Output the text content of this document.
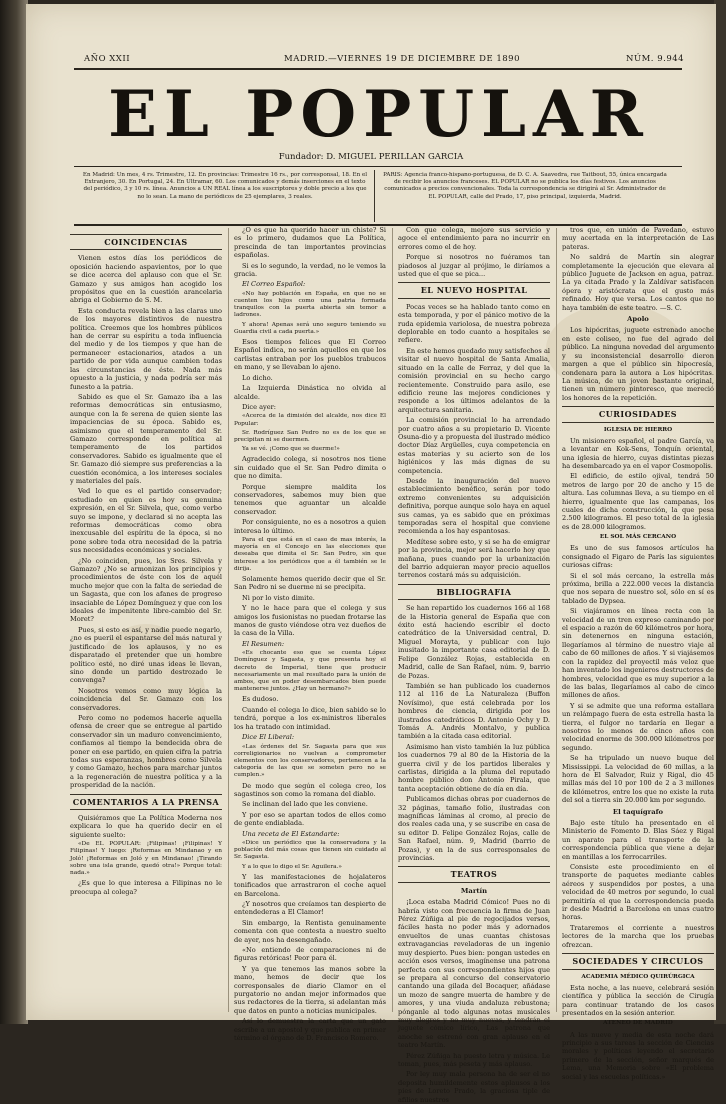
AÑO XXII	MADRID.—VIERNES 19 DE DICIEMBRE DE 1890	NÚM. 9.944
EL POPULAR
Fundador: D. MIGUEL PERILLAN GARCIA
En Madrid: Un mes, 4 rs. Trimestre, 12. En provincias: Trimestre 16 rs., por corresponsal, 18. En el Extranjero, 30. En Portugal, 24. En Ultramar, 60. Los comunicados y demás inserciones en el texto del periódico, 3 y 10 rs. línea. Anuncios a UN REAL línea a los suscriptores y doble precio a los que no lo sean. La mano de periódicos de 25 ejemplares, 3 reales.
PARIS: Agencia franco-hispano-portuguesa, de D. C. A. Saavedra, rue Taitbout, 55, única encargada de recibir los anuncios franceses. EL POPULAR no se publica los días festivos. Los anuncios comunicados a precios convencionales. Toda la correspondencia se dirigirá al Sr. Administrador de EL POPULAR, calle del Prado, 17, piso principal, izquierda, Madrid.
COINCIDENCIAS

Vienen estos días los periódicos de oposición haciendo aspavientos, por lo que se dice acerca del aplauso con que el Sr. Gamazo y sus amigos han acogido los propósitos que en la cuestión arancelaria abriga el Gobierno de S. M.

Esta conducta revela bien a las claras uno de los mayores distintivos de nuestra política. Creemos que los hombres públicos han de cerrar su espíritu a toda influencia del medio y de los tiempos y que han de permanecer estacionarios, atados a un partido de por vida aunque cambien todas las circunstancias de éste. Nada más opuesto a la justicia, y nada podría ser más funesto a la patria.

Sabido es que el Sr. Gamazo iba a las reformas democráticas sin entusiasmo, aunque con la fe serena de quien siente las impaciencias de su época. Sabido es, asimismo que el temperamento del Sr. Gamazo corresponde en política al temperamento de los partidos conservadores. Sabido es igualmente que el Sr. Gamazo dió siempre sus preferencias a la cuestión económica, a los intereses sociales y materiales del país.

Ved lo que es el partido conservador; estudiado en quien es hoy su genuina expresión, en el Sr. Silvela, que, como verbo suyo se impone, y declarad si no acepta las reformas democráticas como obra inexcusable del espíritu de la época, si no pone sobre toda otra necesidad de la patria sus necesidades económicas y sociales.

¿No coinciden, pues, los Sres. Silvela y Gamazo? ¿No se armonizan los principios y procedimientos de éste con los de aquél mucho mejor que con la falta de seriedad de un Sagasta, que con los afanes de progreso insaciable de López Domínguez y que con los ideales de impenitente libre-cambio del Sr. Moret?

Pues, si esto es así, y nadie puede negarlo, ¿no es pueril el espantarse del más natural y justificado de los aplausos, y no es disparatado el pretender que un hombre político esté, no diré unas ideas le llevan, sino donde un partido destrozado le convenga?

Nosotros vemos como muy lógica la coincidencia del Sr. Gamazo con los conservadores.

Pero como no podemos hacerle aquella ofensa de creer que se entregue al partido conservador sin un maduro convencimiento, confiamos al tiempo la bendecida obra de poner en ese partido, en quien cifra la patria todas sus esperanzas, hombres como Silvela y como Gamazo, hechos para marchar juntos a la regeneración de nuestra política y a la prosperidad de la nación.

COMENTARIOS A LA PRENSA

Quisiéramos que La Política Moderna nos explicara lo que ha querido decir en el siguiente suelto:

«De EL POPULAR: ¡Filipinas! ¡Filipinas! Y Filipinas! Y luego: ¡Reformas en Mindanao y en Joló! ¡Reformas en Joló y en Mindanao! ¡Tirando sobre una isla grande, quedó otra!» Porque total: nada.»

¿Es que lo que interesa a Filipinas no le preocupa al colega?

¿O es que ha querido hacer un chiste? Si es lo primero, dudamos que La Política, prescinda de tan importantes provincias españolas.

Si es lo segundo, la verdad, no le vemos la gracia.

El Correo Español:

«No hay población en España, en que no se cuenten los hijos como una patria formada tranquilos con la puerta abierta sin temor a ladrones.

Y ahora! Apenas será uno seguro teniendo su Guardia civil a cada puerta.»

Esos tiempos felices que El Correo Español indica, no serán aquellos en que los carlistas entraban por los pueblos trabucos en mano, y se llevaban lo ajeno.

Lo dicho.

La Izquierda Dinástica no olvida al alcalde.

Dice ayer:

«Acerca de la dimisión del alcalde, nos dice El Popular:

Sr. Rodríguez San Pedro no es de los que se precipitan ni se duermen.

Ya se vé. ¡Como que se duerme!»

Agradecido colega, si nosotros nos tiene sin cuidado que el Sr. San Pedro dimita o que no dimita.

Porque siempre maldita los conservadores, sabemos muy bien que tenemos que aguantar un alcalde conservador.

Por consiguiente, no es a nosotros a quien interesa lo último.

Para el que está en el caso de mas interés, la mayoría en el Concejo en las elecciones que deseaba que dimita el Sr. San Pedro, sin que interese a los periódicos que a él también se le dirija.

Solamente hemos querido decir que el Sr. San Pedro ni se duerme ni se precipita.

Ni por lo visto dimite.

Y no le hace para que el colega y sus amigos los fusionistas no puedan frotarse las manos de gusto viéndose otra vez dueños de la casa de la Villa.

El Resumen:

«Es chocante eso que se cuenta López Domínguez y Sagasta, y que presenta hoy el decreto de Imperial, tiene que producir necesariamente un mal resultado para la unión de ambos, que en poder desembarcados bien puede mantenerse juntos. ¿Hay un hermano?»

Es dudoso.

Cuando el colega lo dice, bien sabido se lo tendrá, porque a los ex-ministros liberales los ha tratado con intimidad.

Dice El Liberal:

«Las órdenes del Sr. Sagasta para que sus correligionarios no vuelvan a comprometer elementos con los conservadores, pertenecen a la categoría de las que se someten pero no se cumplen.»

De modo que según el colega creo, los sagastinos son como la romana del diablo.

Se inclinan del lado que les conviene.

Y por eso se apartan todos de ellos como de gente endiablada.

Una receta de El Estandarte:

«Dice un periódico que la conservadora y la población del más cosas que tienen sin cuidado al Sr. Sagasta.

Y a lo que lo digo el Sr. Aguilera.»

Y las manifestaciones de hojalateros tonificados que arrastraron el coche aquel en Barcelona.

¿Y nosotros que creíamos tan despierto de entendederas a El Clamor!

Sin embargo, la Rentista genuinamente comenta con que contesta a nuestro suelto de ayer, nos ha desengañado.

«No entiendo de comparaciones ni de figuras retóricas! Peor para él.

Y ya que tenemos las manos sobre la mano, hemos de decir que los corresponsales de diario Clamor en el purgatorio no andan mejor informados que sus redactores de la tierra, si adelantan más que datos en punto a noticias municipales.

Así lo demuestra la carta que un gato escribe a un apostol y que publica en primer término el órgano de D. Francisco Romero.

Con que colega, mejore sus servicio y agoce el entendimiento para no incurrir en errores como el de hoy.

Porque si nosotros no fuéramos tan piadosos al juzgar al prójimo, le diríamos a usted que el que se pica...

EL NUEVO HOSPITAL

Pocas veces se ha hablado tanto como en esta temporada, y por el pánico motivo de la ruda epidemia variolosa, de nuestra pobreza deplorable en todo cuanto a hospitales se refiere.

En este hemos quedado muy satisfechos al visitar el nuevo hospital de Santa Amalia, situado en la calle de Ferraz, y del que la comisión provincial en su hecho cargo recientemente. Construido para asilo, ese edificio reune las mejores condiciones y responde a los últimos adelantos de la arquitectura sanitaria.

La comisión provincial lo ha arrendado por cuatro años a su propietario D. Vicente Osuna-dio y a propuesta del ilustrado médico doctor Díaz Argüelles, cuya competencia en estas materias y su acierto son de los higiénicos y las más dignas de su competencia.

Desde la inauguración del nuevo establecimiento benéfico, serán por todo extremo convenientes su adquisición definitiva, porque aunque solo haya en aquel sus camas, ya es sabido que en próximas temporadas sera el hospital que conviene recomienda a los hay espantosas.

Medítese sobre esto, y si se ha de emigrar por la provincia, mejor será hacerlo hoy que mañana, pues cuando por la urbanización del barrio adquieran mayor precio aquellos terrenos costará más su adquisición.

BIBLIOGRAFIA

Se han repartido los cuadernos 166 al 168 de la Historia general de España que con éxito está haciendo escribir el docto catedrático de la Universidad central, D. Miguel Morayta, y publicar con lujo inusitado la importante casa editorial de D. Felipe González Rojas, establecida en Madrid, calle de San Rafael, núm. 9, barrio de Pozas.

También se han publicado los cuadernos 112 al 116 de La Naturaleza (Buffon Novísimo), que está celebrada por los hombres de ciencia, dirigida por los ilustrados catedráticos D. Antonio Ochy y D. Tomás A. Andrés Montalvo, y publica también a la citada casa editorial.

Asimismo han visto también la luz pública los cuadernos 79 al 80 de la Historia de la guerra civil y de los partidos liberales y carlistas, dirigida a la pluma del reputado hombre público don Antonio Pirala, que tanta aceptación obtiene de día en día.

Publicamos dichas obras por cuadernos de 32 páginas, tamaño folio, ilustradas con magníficas láminas al cromo, al precio de dos reales cada una, y se suscribe en casa de su editor D. Felipe González Rojas, calle de San Rafael, núm. 9, Madrid (barrio de Pozas), y en la de sus corresponsales de provincias.

TEATROS
Martín

¡Loca estaba Madrid Cómico! Pues no di habría visto con frecuencia la firma de Juan Pérez Zúñiga al pie de regocijados versos, fáciles hasta no poder más y adornados envueltos de unas cuantas chistosas extravagancias reveladoras de un ingenio muy despierto. Pues bien: pongan ustedes en acción esos versos, imagínense una patrona perfecta con sus correspondientes hijos que se prepara al concurso del conservatorio cantando una gilada del Bocaquer, añádase un mozo de sangre muerta de hambre y de amores, y una viuda andaluza rebustona; pónganle al todo algunas notas musicales muy alegres y no muy nuevas, y tendrán el juguete cómico lírico, Las patrona que anoche se estrenó con gran aplauso en el teatro Martín.

Pérez Zúñiga ha puesto letra y música. Le toman, pues, más peseta y más aplauso.

Por ley muy mala persona ha de ser el no deposita humildemente estos aplausos a los pies de Loreto Prado, la graciosa tiple de afilios nuestros

tros que, en unión de Pavedano, estuvo muy acertada en la interpretación de Las pateras.

No saldrá de Martín sin alegrar completamente la ejecución que elevara al público Juguete de Jackson en agua, patraz. La ya citada Prado y la Zaldívar satisfacen ópera y aristócrata que el gusto más refinado. Hoy que versa. Los cantos que no haya también de este teatro. —S. C.

Apolo

Los hipócritas, juguete estrenado anoche en este coliseo, no fue del agrado del público. La ninguna novedad del argumento y su inconsistencial desarrollo dieron margen a que el público sin hipocresía, condenara para la autora a Los hipócritas. La música, de un joven bastante original, tienen un número pintoresco, que mereció los honores de la repetición.

CURIOSIDADES
IGLESIA DE HIERRO

Un misionero español, el padre García, va a levantar en Kok-Sens, Tonquín oriental, una iglesia de hierro, cuyas distintas piezas ha desembarcado ya en el vapor Cosmopolis.

El edificio, de estilo ojival, tendrá 50 metros de largo por 20 de ancho y 15 de altura. Las columnas lleva, a su tiempo en el hierro, igualmente que las campanas, los cuales de dicha construcción, la que pesa 2.500 kilogramos. El peso total de la iglesia es de 28.000 kilogramos.

EL SOL MÁS CERCANO

Es uno de sus famosos artículos ha consignado el Figaro de París las siguientes curiosas cifras:

Si el sol más cercano, la estrella más próxima, brilla a 222.000 veces la distancia que nos separa de nuestro sol, sólo en sí es tablado de Dypsea.

Si viajáramos en línea recta con la velocidad de un tren expreso caminando por el espacio a razón de 60 kilómetros por hora, sin detenernos en ninguna estación, llegaríamos al término de nuestro viaje al cabo de 60 millones de años. Y si viajásemos con la rapidez del proyectil más veloz que han inventado los ingenieros destructores de hombres, velocidad que es muy superior a la de las balas, llegaríamos al cabo de cinco millones de años.

Y si se admite que una reforma estallara un relámpago fuera de esta estrella hasta la tierra, el fulgor no tardaría en llegar a nosotros lo menos de cinco años con velocidad enorme de 300.000 kilómetros por segundo.

Se ha tripulado un nuevo buque del Mississippi. La velocidad de 60 millas, a la hora de El Salvador, Ruiz y Rigal, dio 45 millas más del 10 por 100 de 2 a 3 millones de kilómetros, entre los que no existe la ruta del sol a tierra sin 20.000 km por segundo.

El taquígrafo

Bajo este título ha presentado en el Ministerio de Fomento D. Blas Sáez y Rigal un aparato para el transporte de la correspondencia pública que viene a dejar en mantillas a los ferrocarriles.

Consiste este procedimiento en el transporte de paquetes mediante cables aéreos y suspendidos por postes, a una velocidad de 40 metros por segundo, lo cual permitiría el que la correspondencia pueda ir desde Madrid a Barcelona en unas cuatro horas.

Trataremos el corriente a nuestros lectores de la marcha que los pruebas ofrezcan.

SOCIEDADES Y CIRCULOS
ACADEMIA MÉDICO QUIRÚRGICA

Esta noche, a las nueve, celebrará sesión científica y pública la sección de Cirugía para continuar tratando de los casos presentados en la sesión anterior.

ATENEO DE MADRID

A las nueve y media de esta noche dará principio a sus tareas la sección de Ciencias morales y políticas leyendo el secretario primero de la sección, señor marqués de Lema, una Memoria sobre «El problema social y las escuelas políticas.»
